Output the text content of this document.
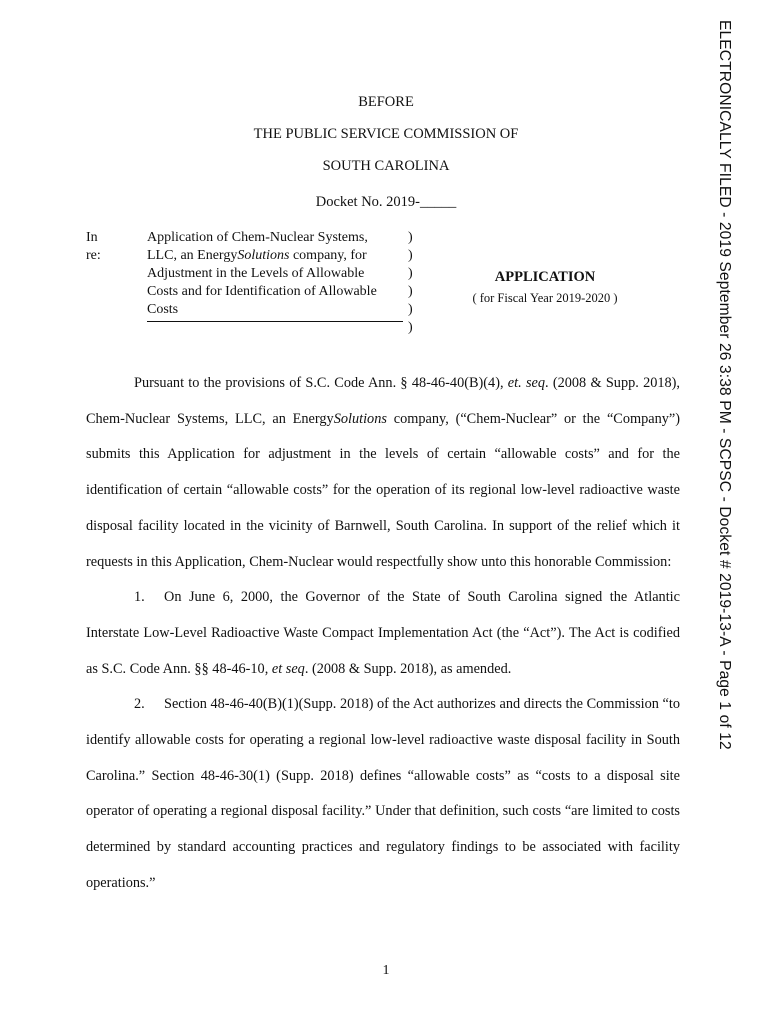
ELECTRONICALLY FILED - 2019 September 26 3:38 PM - SCPSC - Docket # 2019-13-A - Page 1 of 12
BEFORE
THE PUBLIC SERVICE COMMISSION OF
SOUTH CAROLINA
Docket No. 2019-_____
In re:
Application of Chem-Nuclear Systems,
LLC, an EnergySolutions company, for
Adjustment in the Levels of Allowable
Costs and for Identification of Allowable
Costs
)
)
)
)
)
)
APPLICATION
( for Fiscal Year 2019-2020 )

Pursuant to the provisions of S.C. Code Ann. § 48-46-40(B)(4), et. seq. (2008 & Supp. 2018), Chem-Nuclear Systems, LLC, an EnergySolutions company, (“Chem-Nuclear” or the “Company”) submits this Application for adjustment in the levels of certain “allowable costs” and for the identification of certain “allowable costs” for the operation of its regional low-level radioactive waste disposal facility located in the vicinity of Barnwell, South Carolina. In support of the relief which it requests in this Application, Chem-Nuclear would respectfully show unto this honorable Commission:

1. On June 6, 2000, the Governor of the State of South Carolina signed the Atlantic Interstate Low-Level Radioactive Waste Compact Implementation Act (the “Act”). The Act is codified as S.C. Code Ann. §§ 48-46-10, et seq. (2008 & Supp. 2018), as amended.

2. Section 48-46-40(B)(1)(Supp. 2018) of the Act authorizes and directs the Commission “to identify allowable costs for operating a regional low-level radioactive waste disposal facility in South Carolina.” Section 48-46-30(1) (Supp. 2018) defines “allowable costs” as “costs to a disposal site operator of operating a regional disposal facility.” Under that definition, such costs “are limited to costs determined by standard accounting practices and regulatory findings to be associated with facility operations.”

1
